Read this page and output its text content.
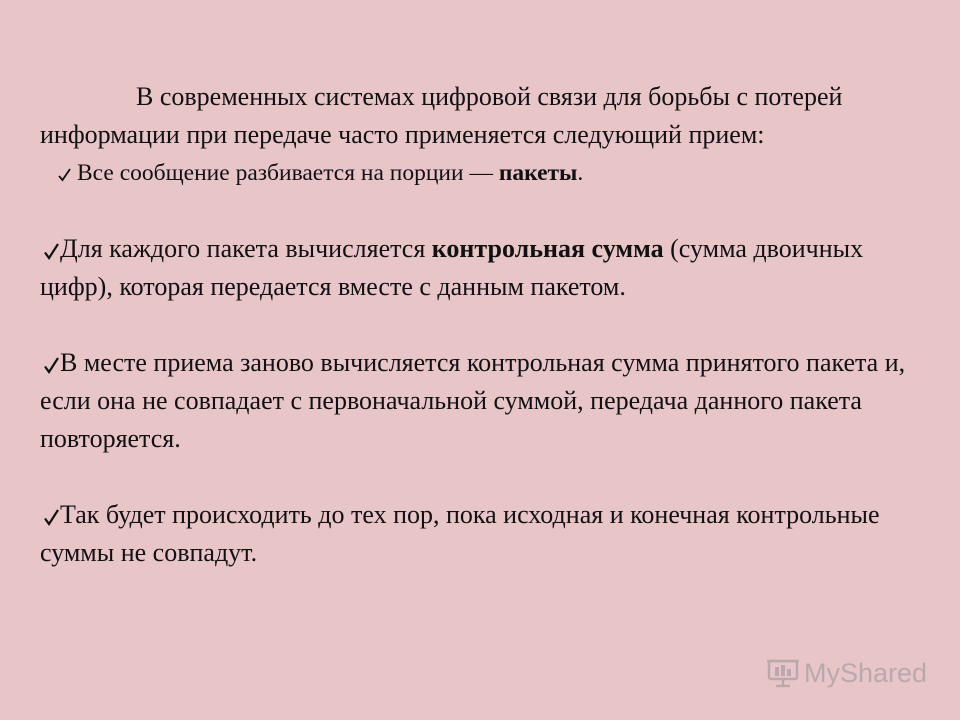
В современных системах цифровой связи для борьбы с потерей информации при передаче часто применяется следующий прием:

Все сообщение разбивается на порции — пакеты.

Для каждого пакета вычисляется контрольная сумма (сумма двоичных цифр), которая передается вместе с данным пакетом.

В месте приема заново вычисляется контрольная сумма принятого пакета и, если она не совпадает с первоначальной суммой, передача данного пакета повторяется.

Так будет происходить до тех пор, пока исходная и конечная контрольные суммы не совпадут.

MyShared
